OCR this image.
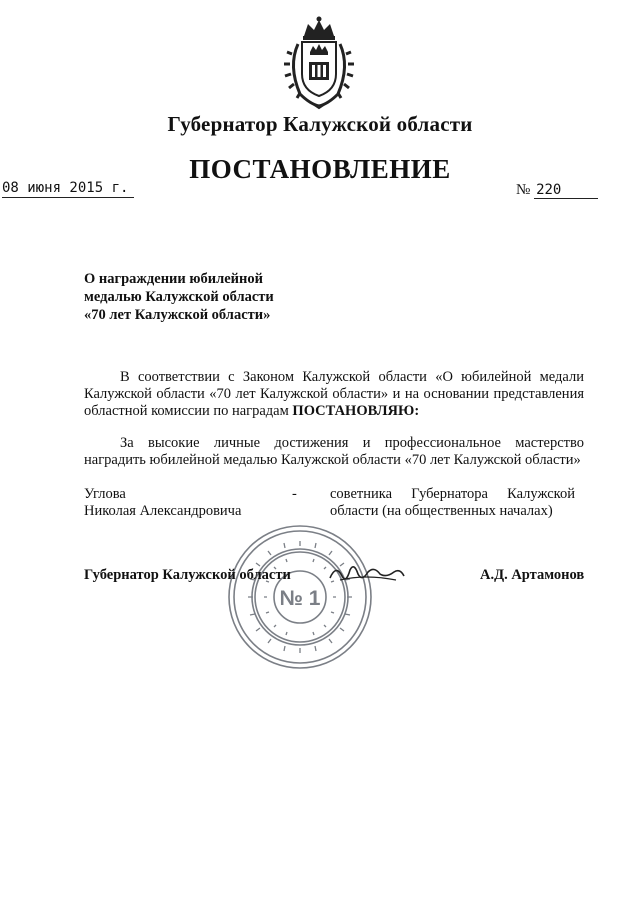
Губернатор Калужской области
ПОСТАНОВЛЕНИЕ
08 июня 2015 г.	№ 220
О награждении юбилейной
медалью Калужской области
«70 лет Калужской области»
В соответствии с Законом Калужской области «О юбилейной медали Калужской области «70 лет Калужской области» и на основании представления областной комиссии по наградам ПОСТАНОВЛЯЮ:
За высокие личные достижения и профессиональное мастерство наградить юбилейной медалью Калужской области «70 лет Калужской области»
Углова
Николая Александровича
- советника Губернатора Калужской
области (на общественных началах)
№ 1
Губернатор Калужской области	А.Д. Артамонов
